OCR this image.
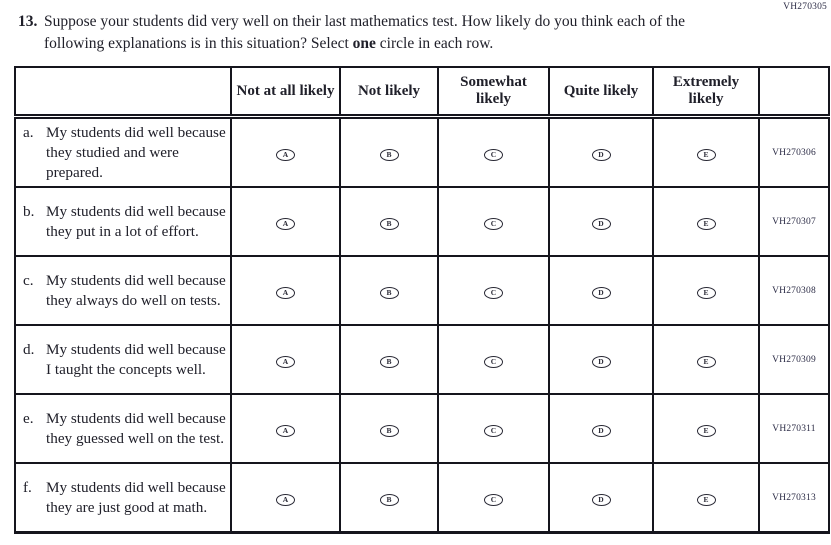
VH270305
13. Suppose your students did very well on their last mathematics test. How likely do you think each of the following explanations is in this situation? Select one circle in each row.
	Not at all likely	Not likely	Somewhat likely	Quite likely	Extremely likely	

a. My students did well because they studied and were prepared.	A	B	C	D	E	VH270306

b. My students did well because they put in a lot of effort.	A	B	C	D	E	VH270307

c. My students did well because they always do well on tests.	A	B	C	D	E	VH270308

d. My students did well because I taught the concepts well.	A	B	C	D	E	VH270309

e. My students did well because they guessed well on the test.	A	B	C	D	E	VH270311

f. My students did well because they are just good at math.	A	B	C	D	E	VH270313
